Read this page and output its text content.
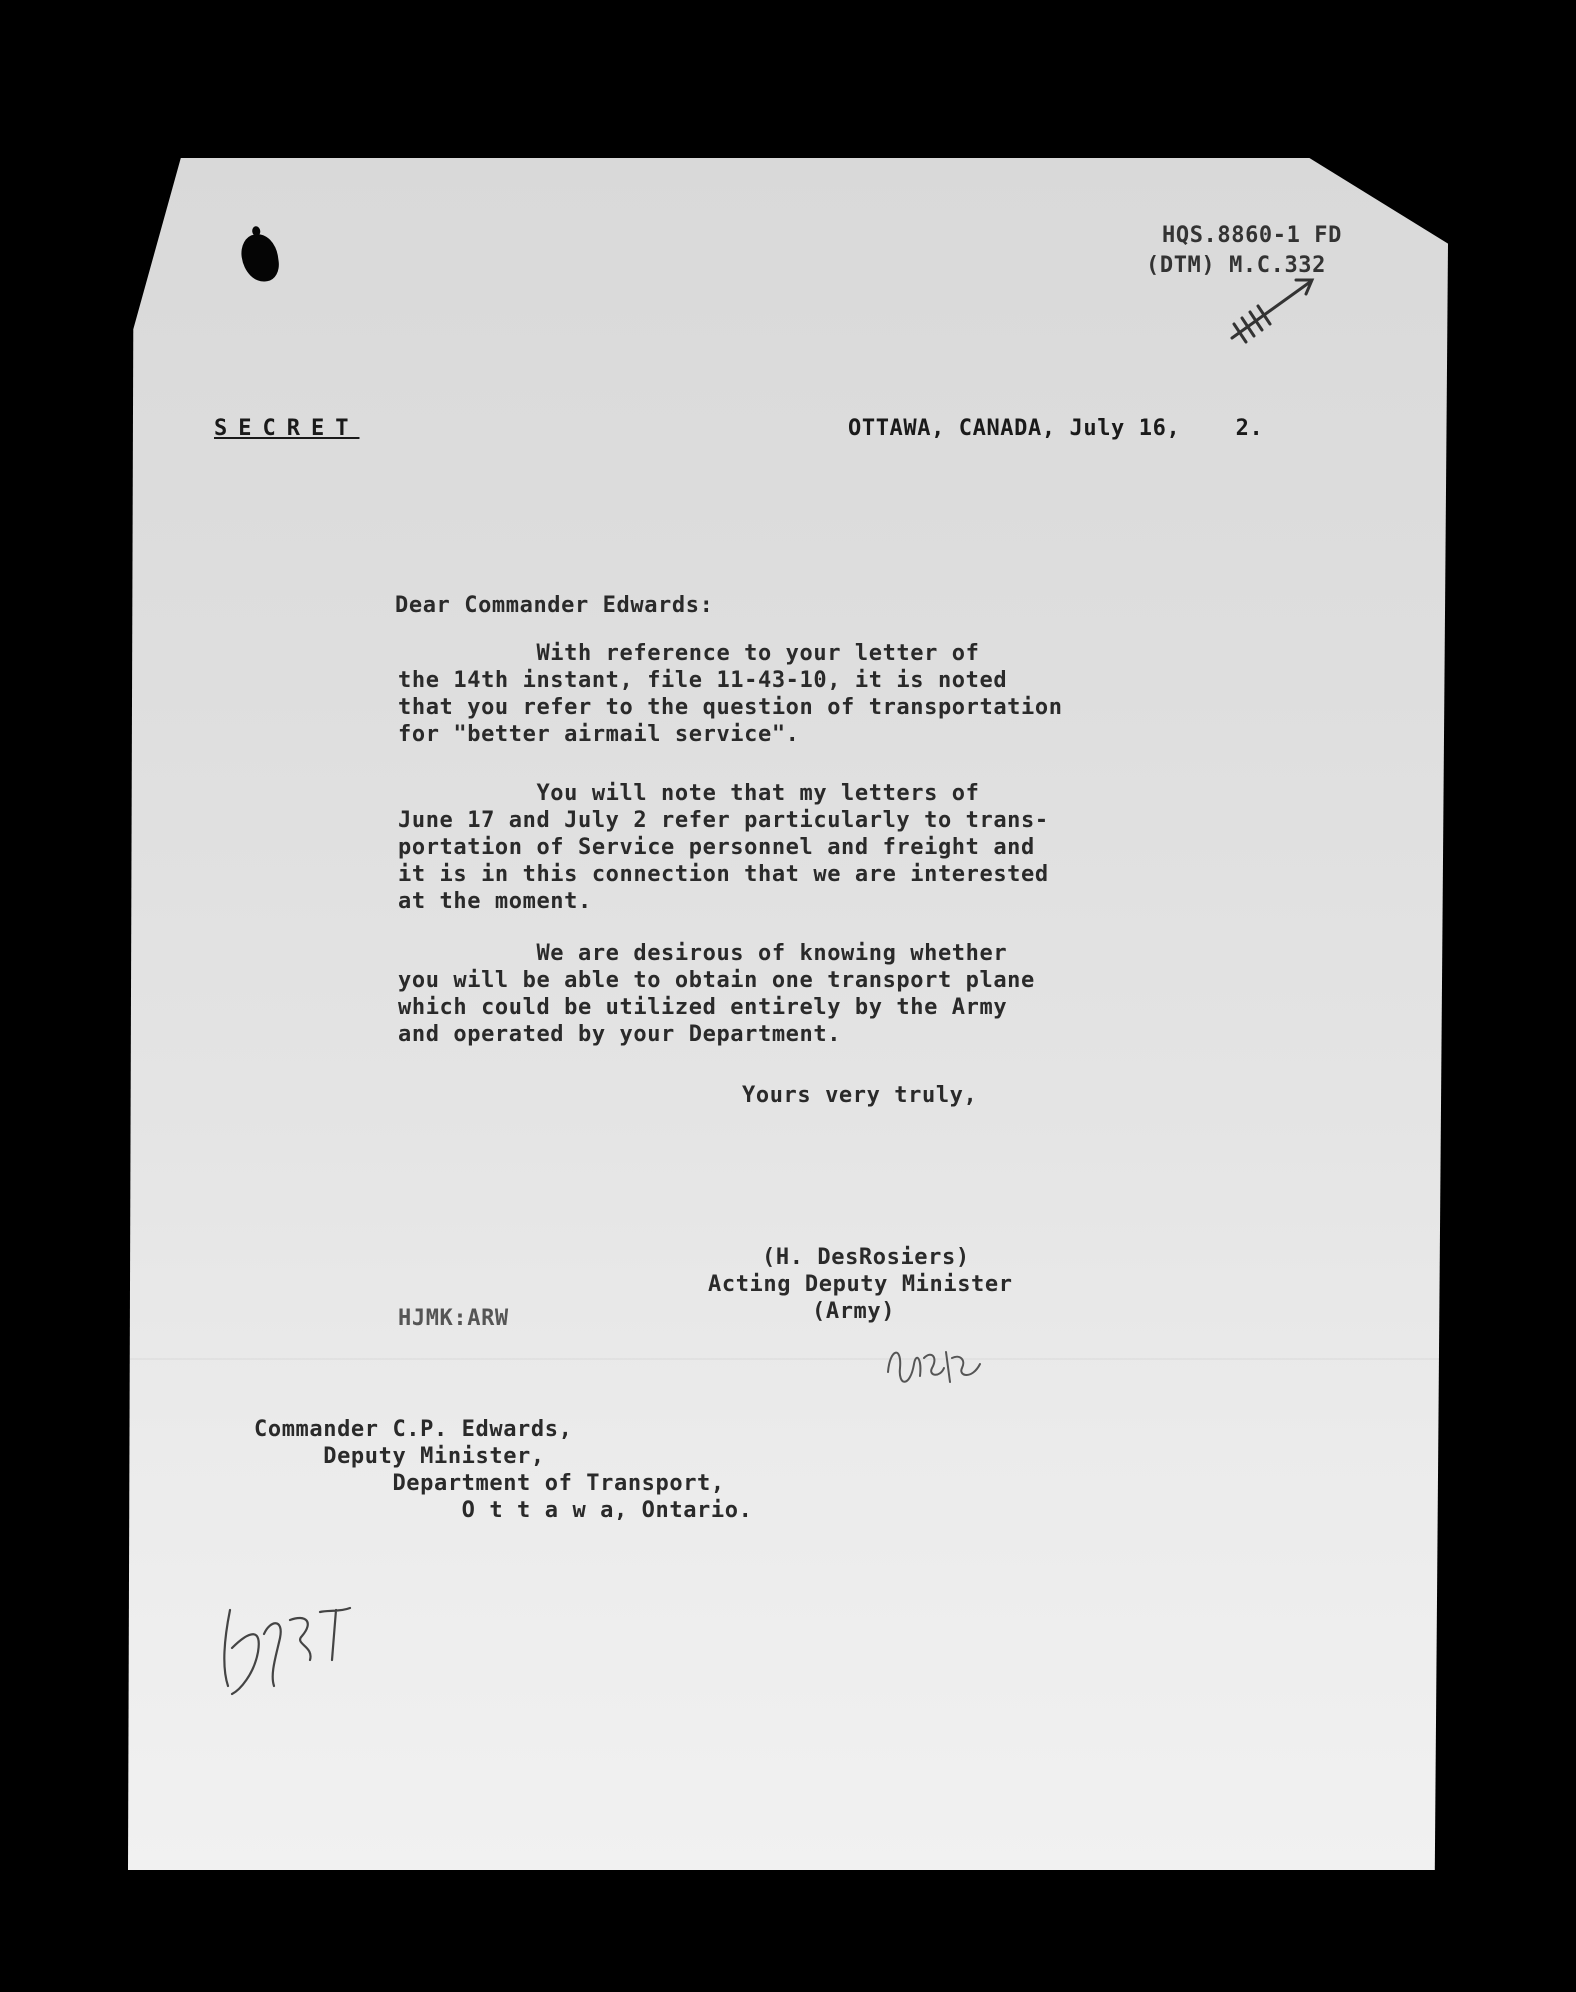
HQS.8860-1 FD
(DTM) M.C.332
SECRET	OTTAWA, CANADA, July 16,    2.
Dear Commander Edwards:
With reference to your letter of
the 14th instant, file 11-43-10, it is noted
that you refer to the question of transportation
for "better airmail service".
You will note that my letters of
June 17 and July 2 refer particularly to trans-
portation of Service personnel and freight and
it is in this connection that we are interested
at the moment.
We are desirous of knowing whether
you will be able to obtain one transport plane
which could be utilized entirely by the Army
and operated by your Department.
Yours very truly,
(H. DesRosiers)
Acting Deputy Minister
(Army)
HJMK:ARW
Commander C.P. Edwards,
Deputy Minister,
Department of Transport,
O t t a w a, Ontario.
